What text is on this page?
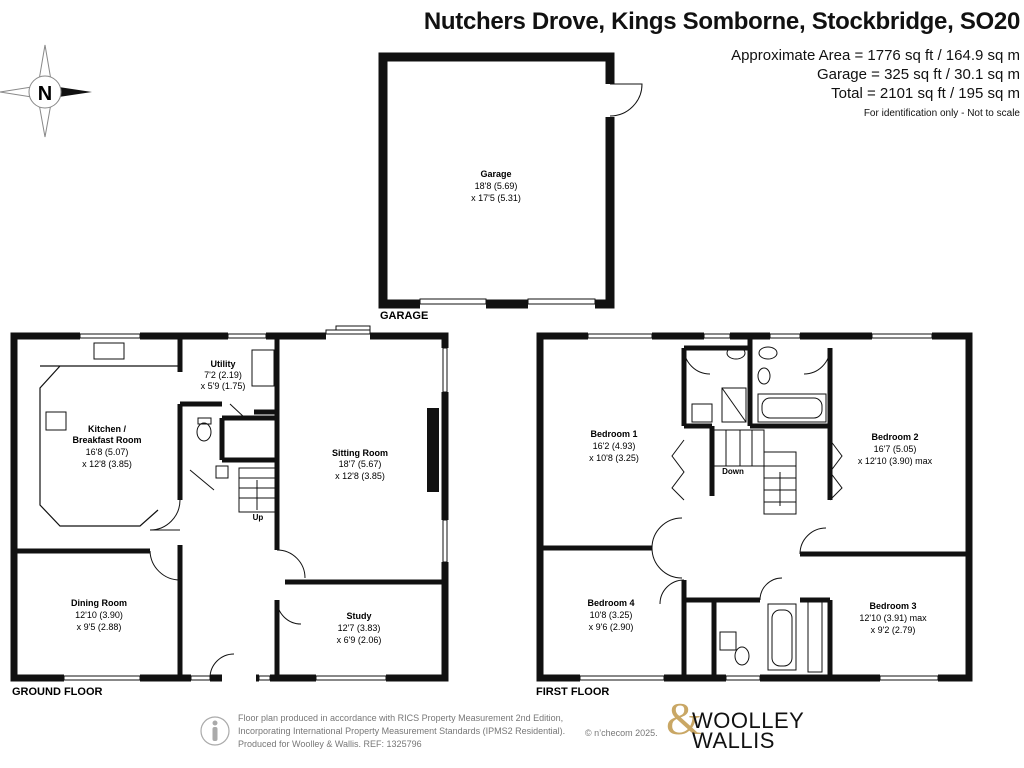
Nutchers Drove, Kings Somborne, Stockbridge, SO20
Approximate Area = 1776 sq ft / 164.9 sq m
Garage = 325 sq ft / 30.1 sq m
Total = 2101 sq ft / 195 sq m
For identification only - Not to scale
N
Garage
18'8 (5.69)
x 17'5 (5.31)
Kitchen /
Breakfast Room
16'8 (5.07)
x 12'8 (3.85)
Utility
7'2 (2.19)
x 5'9 (1.75)
Sitting Room
18'7 (5.67)
x 12'8 (3.85)
Dining Room
12'10 (3.90)
x 9'5 (2.88)
Study
12'7 (3.83)
x 6'9 (2.06)
Up
Bedroom 1
16'2 (4.93)
x 10'8 (3.25)
Bedroom 2
16'7 (5.05)
x 12'10 (3.90) max
Bedroom 3
12'10 (3.91) max
x 9'2 (2.79)
Bedroom 4
10'8 (3.25)
x 9'6 (2.90)
Down
GARAGE
GROUND FLOOR	FIRST FLOOR
Floor plan produced in accordance with RICS Property Measurement 2nd Edition,
Incorporating International Property Measurement Standards (IPMS2 Residential).
Produced for Woolley & Wallis. REF: 1325796
© n’checom 2025. &
WOOLLEY
WALLIS
